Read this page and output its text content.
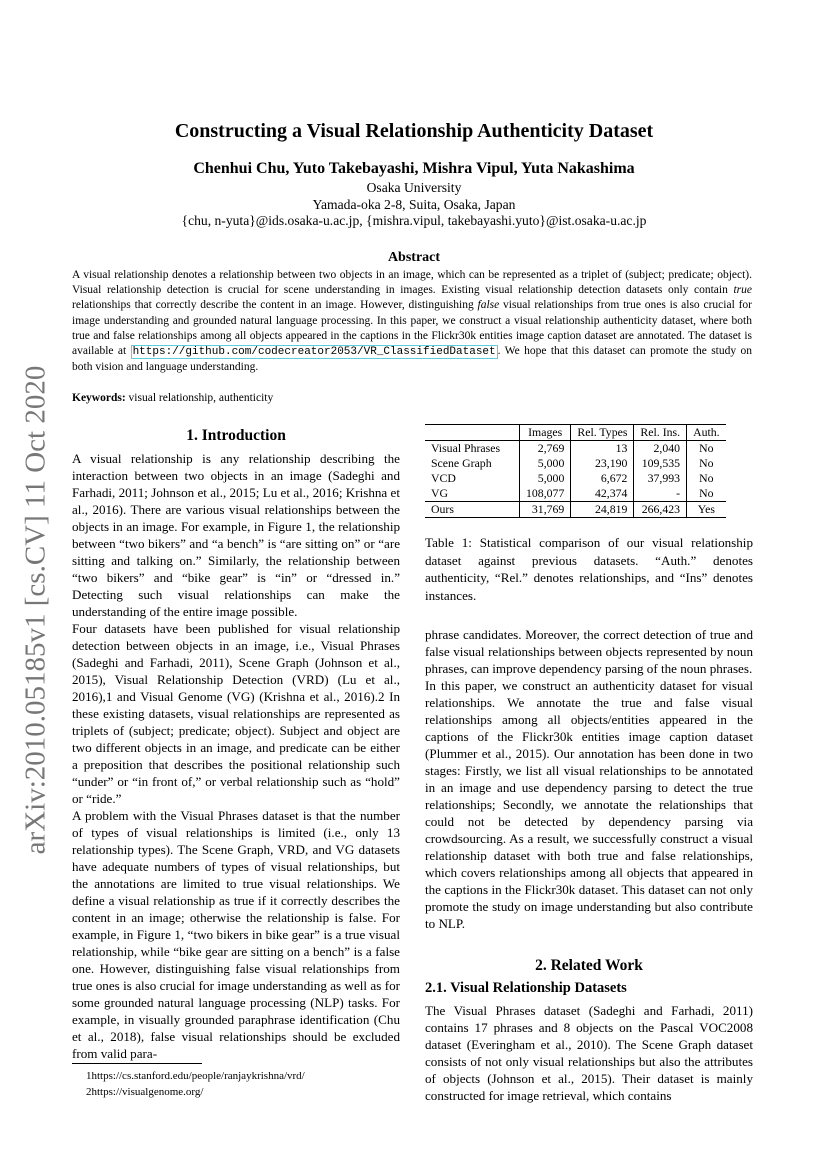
arXiv:2010.05185v1 [cs.CV] 11 Oct 2020
Constructing a Visual Relationship Authenticity Dataset
Chenhui Chu, Yuto Takebayashi, Mishra Vipul, Yuta Nakashima
Osaka University
Yamada-oka 2-8, Suita, Osaka, Japan
{chu, n-yuta}@ids.osaka-u.ac.jp, {mishra.vipul, takebayashi.yuto}@ist.osaka-u.ac.jp
Abstract
A visual relationship denotes a relationship between two objects in an image, which can be represented as a triplet of (subject; predicate; object). Visual relationship detection is crucial for scene understanding in images. Existing visual relationship detection datasets only contain true relationships that correctly describe the content in an image. However, distinguishing false visual relationships from true ones is also crucial for image understanding and grounded natural language processing. In this paper, we construct a visual relationship authenticity dataset, where both true and false relationships among all objects appeared in the captions in the Flickr30k entities image caption dataset are annotated. The dataset is available at https://github.com/codecreator2053/VR_ClassifiedDataset . We hope that this dataset can promote the study on both vision and language understanding.
Keywords: visual relationship, authenticity
1. Introduction
A visual relationship is any relationship describing the interaction between two objects in an image (Sadeghi and Farhadi, 2011; Johnson et al., 2015; Lu et al., 2016; Krishna et al., 2016). There are various visual relationships between the objects in an image. For example, in Figure 1, the relationship between “two bikers” and “a bench” is “are sitting on” or “are sitting and talking on.” Similarly, the relationship between “two bikers” and “bike gear” is “in” or “dressed in.” Detecting such visual relationships can make the understanding of the entire image possible.
Four datasets have been published for visual relationship detection between objects in an image, i.e., Visual Phrases (Sadeghi and Farhadi, 2011), Scene Graph (Johnson et al., 2015), Visual Relationship Detection (VRD) (Lu et al., 2016),1 and Visual Genome (VG) (Krishna et al., 2016).2 In these existing datasets, visual relationships are represented as triplets of (subject; predicate; object). Subject and object are two different objects in an image, and predicate can be either a preposition that describes the positional relationship such “under” or “in front of,” or verbal relationship such as “hold” or “ride.”
A problem with the Visual Phrases dataset is that the number of types of visual relationships is limited (i.e., only 13 relationship types). The Scene Graph, VRD, and VG datasets have adequate numbers of types of visual relationships, but the annotations are limited to true visual relationships. We define a visual relationship as true if it correctly describes the content in an image; otherwise the relationship is false. For example, in Figure 1, “two bikers in bike gear” is a true visual relationship, while “bike gear are sitting on a bench” is a false one. However, distinguishing false visual relationships from true ones is also crucial for image understanding as well as for some grounded natural language processing (NLP) tasks. For example, in visually grounded paraphrase identification (Chu et al., 2018), false visual relationships should be excluded from valid para-
1https://cs.stanford.edu/people/ranjaykrishna/vrd/
2https://visualgenome.org/
	Images	Rel. Types	Rel. Ins.	Auth.
Visual Phrases	2,769	13	2,040	No
Scene Graph	5,000	23,190	109,535	No
VCD	5,000	6,672	37,993	No
VG	108,077	42,374	-	No
Ours	31,769	24,819	266,423	Yes
Table 1: Statistical comparison of our visual relationship dataset against previous datasets. “Auth.” denotes authenticity, “Rel.” denotes relationships, and “Ins” denotes instances.
phrase candidates. Moreover, the correct detection of true and false visual relationships between objects represented by noun phrases, can improve dependency parsing of the noun phrases.
In this paper, we construct an authenticity dataset for visual relationships. We annotate the true and false visual relationships among all objects/entities appeared in the captions of the Flickr30k entities image caption dataset (Plummer et al., 2015). Our annotation has been done in two stages: Firstly, we list all visual relationships to be annotated in an image and use dependency parsing to detect the true relationships; Secondly, we annotate the relationships that could not be detected by dependency parsing via crowdsourcing. As a result, we successfully construct a visual relationship dataset with both true and false relationships, which covers relationships among all objects that appeared in the captions in the Flickr30k dataset. This dataset can not only promote the study on image understanding but also contribute to NLP.
2. Related Work
2.1. Visual Relationship Datasets
The Visual Phrases dataset (Sadeghi and Farhadi, 2011) contains 17 phrases and 8 objects on the Pascal VOC2008 dataset (Everingham et al., 2010). The Scene Graph dataset consists of not only visual relationships but also the attributes of objects (Johnson et al., 2015). Their dataset is mainly constructed for image retrieval, which contains
